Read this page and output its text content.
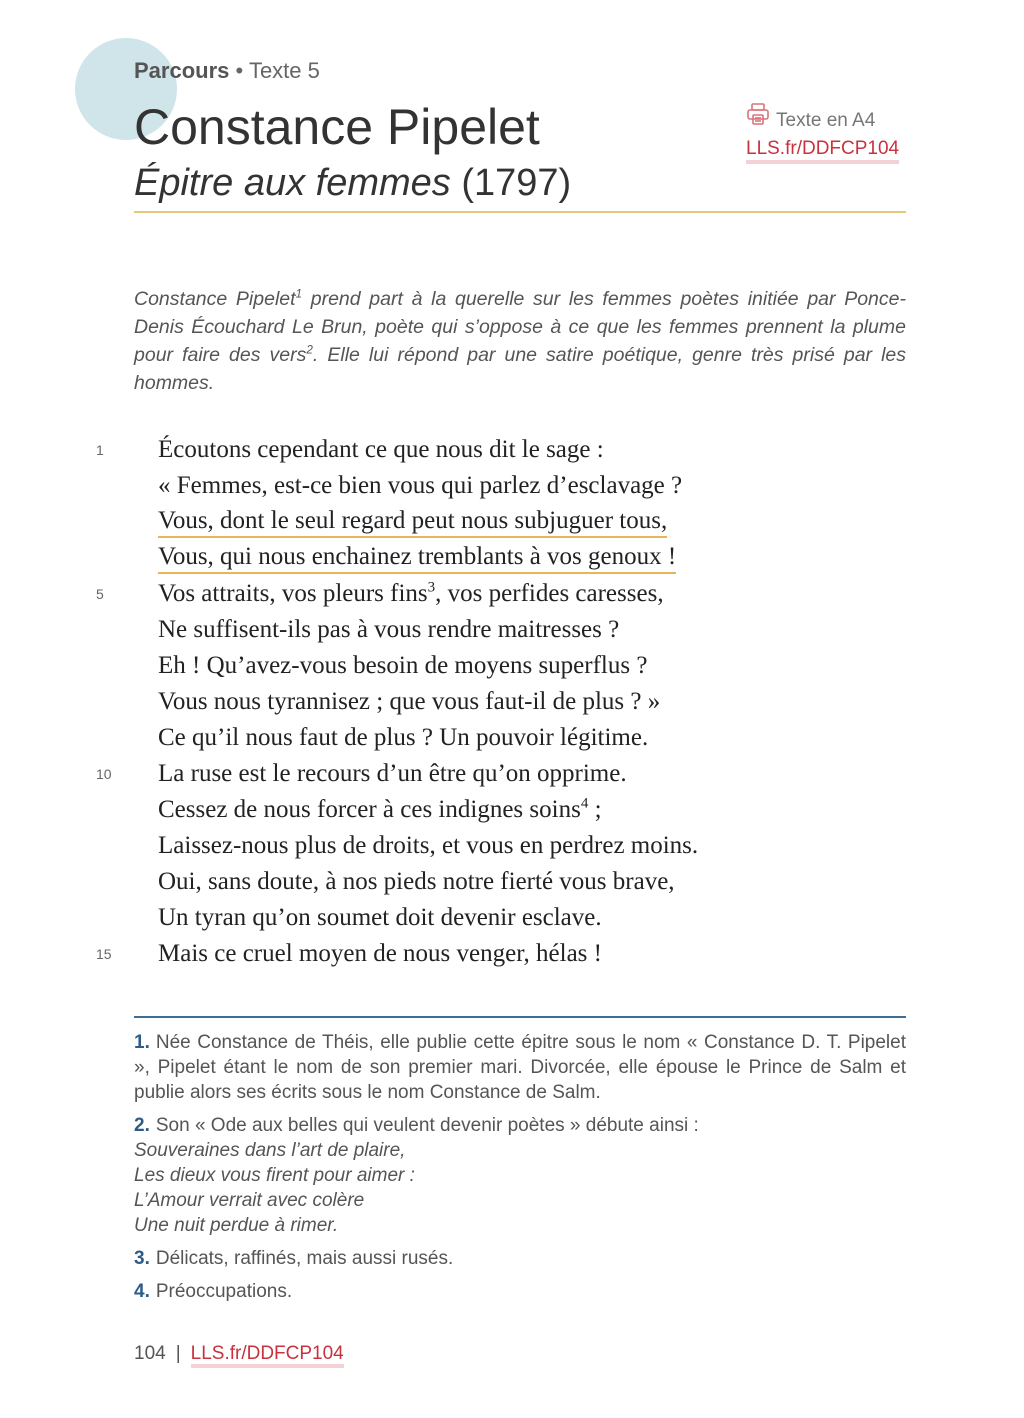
Parcours • Texte 5
Constance Pipelet
Épitre aux femmes (1797)
Texte en A4
LLS.fr/DDFCP104
Constance Pipelet$^1$ prend part à la querelle sur les femmes poètes initiée par Ponce-Denis Écouchard Le Brun, poète qui s’oppose à ce que les femmes prennent la plume pour faire des vers$^2$. Elle lui répond par une satire poétique, genre très prisé par les hommes.
1	Écoutons cependant ce que nous dit le sage :
« Femmes, est-ce bien vous qui parlez d’esclavage ?
Vous, dont le seul regard peut nous subjuguer tous,
Vous, qui nous enchainez tremblants à vos genoux !
5	Vos attraits, vos pleurs fins$^3$, vos perfides caresses,
Ne suffisent-ils pas à vous rendre maitresses ?
Eh ! Qu’avez-vous besoin de moyens superflus ?
Vous nous tyrannisez ; que vous faut-il de plus ? »
Ce qu’il nous faut de plus ? Un pouvoir légitime.
10 La ruse est le recours d’un être qu’on opprime.
Cessez de nous forcer à ces indignes soins$^4$ ;
Laissez-nous plus de droits, et vous en perdrez moins.
Oui, sans doute, à nos pieds notre fierté vous brave,
Un tyran qu’on soumet doit devenir esclave.
15 Mais ce cruel moyen de nous venger, hélas !
1. Née Constance de Théis, elle publie cette épitre sous le nom « Constance D. T. Pipelet », Pipelet étant le nom de son premier mari. Divorcée, elle épouse le Prince de Salm et publie alors ses écrits sous le nom Constance de Salm.
2. Son « Ode aux belles qui veulent devenir poètes » débute ainsi :
Souveraines dans l’art de plaire,
Les dieux vous firent pour aimer :
L’Amour verrait avec colère
Une nuit perdue à rimer.
3. Délicats, raffinés, mais aussi rusés.
4. Préoccupations.
104 | LLS.fr/DDFCP104
